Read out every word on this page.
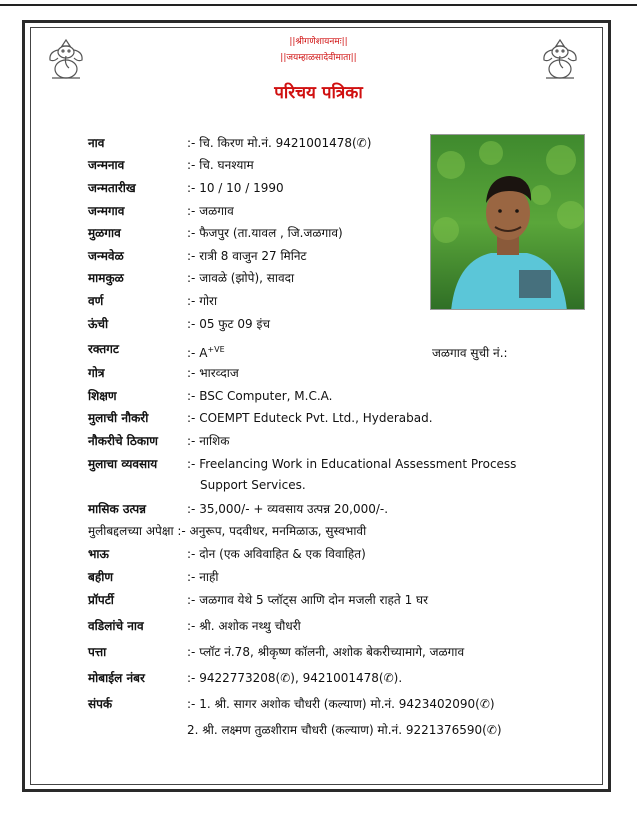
||श्रीगणेशायनमः||
||जयम्हाळसादेवीमाता||
परिचय पत्रिका
नाव	:- चि. किरण मो.नं. 9421001478(✆)
जन्मनाव	:- चि. घनश्याम
जन्मतारीख	:- 10 / 10 / 1990
जन्मगाव	:- जळगाव
मुळगाव	:- फैजपुर (ता.यावल , जि.जळगाव)
जन्मवेळ	:- रात्री 8 वाजुन 27 मिनिट
मामकुळ	:- जावळे (झोपे), सावदा
वर्ण	:- गोरा
ऊंची	:- 05 फुट 09 इंच
रक्तगट	:- $A^{+VE}$	जळगाव सुची नं.:
गोत्र	:- भारव्दाज
शिक्षण	:- BSC Computer, M.C.A.
मुलाची नौकरी	:- COEMPT Eduteck Pvt. Ltd., Hyderabad.
नौकरीचे ठिकाण :- नाशिक
मुलाचा व्यवसाय :- Freelancing Work in Educational Assessment Process
Support Services.
मासिक उत्पन्न	:- 35,000/- + व्यवसाय उत्पन्न 20,000/-.
मुलीबद्दलच्या अपेक्षा :- अनुरूप, पदवीधर, मनमिळाऊ, सुस्वभावी
भाऊ	:- दोन (एक अविवाहित & एक विवाहित)
बहीण	:- नाही
प्रॉपर्टी	:- जळगाव येथे 5 प्लॉट्स आणि दोन मजली राहते 1 घर
वडिलांचे नाव	:- श्री. अशोक नथ्थु चौधरी
पत्ता	:- प्लॉट नं.78, श्रीकृष्ण कॉलनी, अशोक बेकरीच्यामागे, जळगाव
मोबाईल नंबर	:- 9422773208(✆), 9421001478(✆).
संपर्क	:- 1. श्री. सागर अशोक चौधरी (कल्याण) मो.नं. 9423402090(✆)
2. श्री. लक्ष्मण तुळशीराम चौधरी (कल्याण) मो.नं. 9221376590(✆)
